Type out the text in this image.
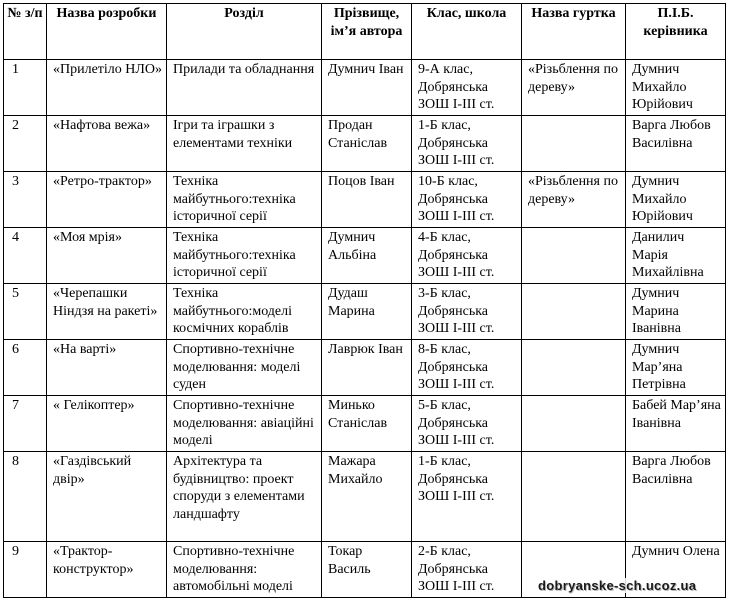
№ з/п	Назва розробки	Розділ	Прізвище, ім’я автора	Клас, школа	Назва гуртка	П.І.Б. керівника
1	«Прилетіло НЛО»	Прилади та обладнання	Думнич Іван	9-А клас, Добрянська ЗОШ І-ІІІ ст.	«Різьблення по дереву»	Думнич Михайло Юрійович
2	«Нафтова вежа»	Ігри та іграшки з елементами техніки	Продан Станіслав	1-Б клас, Добрянська ЗОШ І-ІІІ ст.		Варга Любов Василівна
3	«Ретро-трактор»	Техніка майбутнього:техніка історичної серії	Поцов Іван	10-Б клас, Добрянська ЗОШ І-ІІІ ст.	«Різьблення по дереву»	Думнич Михайло Юрійович
4	«Моя мрія»	Техніка майбутнього:техніка історичної серії	Думнич Альбіна	4-Б клас, Добрянська ЗОШ І-ІІІ ст.		Данилич Марія Михайлівна
5	«Черепашки Ніндзя на ракеті»	Техніка майбутнього:моделі космічних кораблів	Дудаш Марина	3-Б клас, Добрянська ЗОШ І-ІІІ ст.		Думнич Марина Іванівна
6	«На варті»	Спортивно-технічне моделювання: моделі суден	Лаврюк Іван	8-Б клас, Добрянська ЗОШ І-ІІІ ст.		Думнич Мар’яна Петрівна
7	« Гелікоптер»	Спортивно-технічне моделювання: авіаційні моделі	Минько Станіслав	5-Б клас, Добрянська ЗОШ І-ІІІ ст.		Бабей Мар’яна Іванівна
8	«Газдівський двір»	Архітектура та будівництво: проект споруди з елементами ландшафту	Мажара Михайло	1-Б клас, Добрянська ЗОШ І-ІІІ ст.		Варга Любов Василівна
9	«Трактор-конструктор»	Спортивно-технічне моделювання: автомобільні моделі	Токар Василь	2-Б клас, Добрянська ЗОШ І-ІІІ ст.		Думнич Олена
dobryanske-sch.ucoz.ua
